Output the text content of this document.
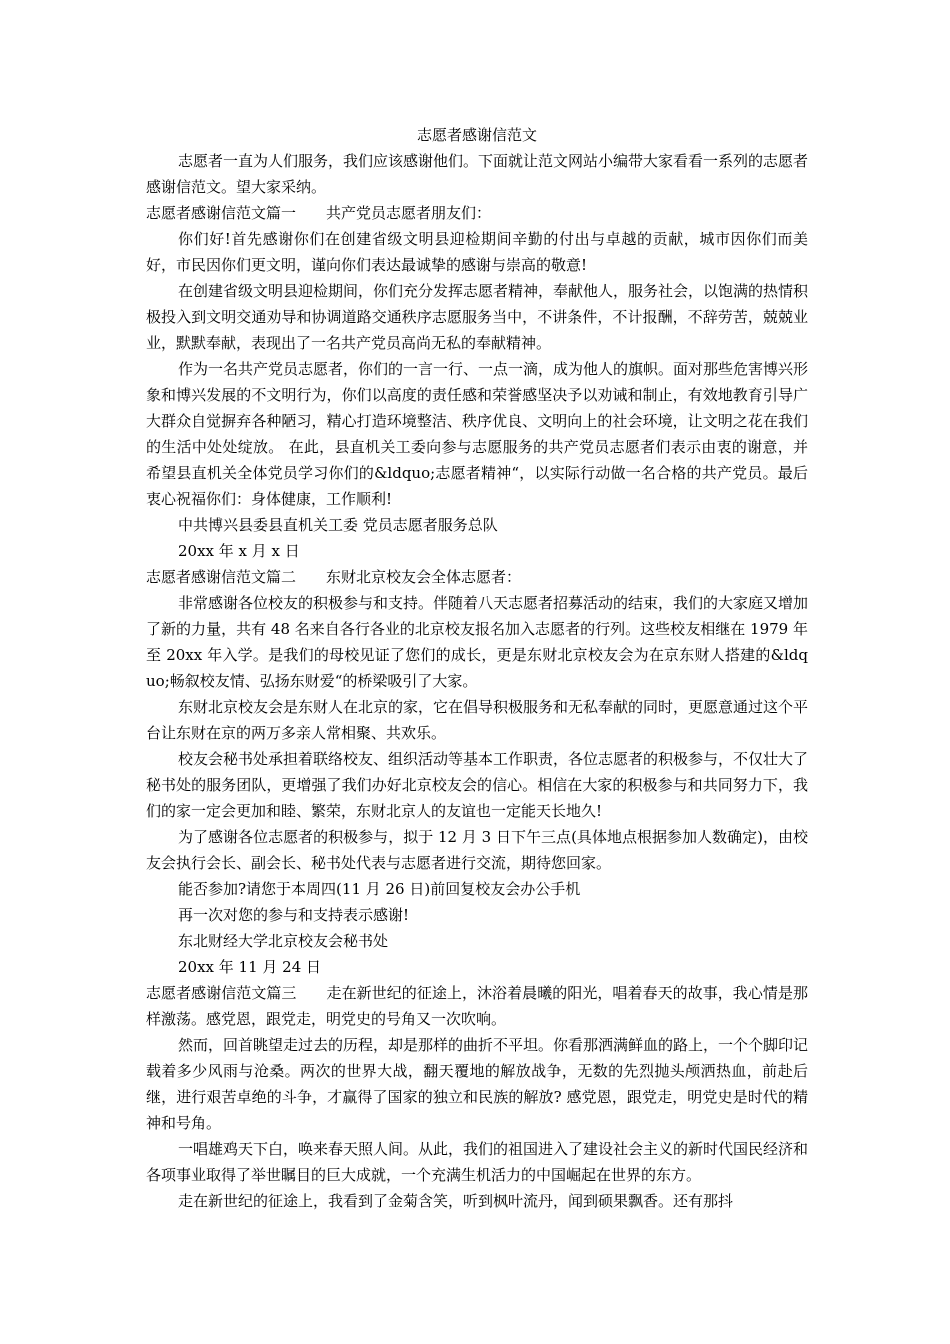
志愿者感谢信范文

志愿者一直为人们服务，我们应该感谢他们。下面就让范文网站小编带大家看看一系列的志愿者感谢信范文。望大家采纳。

志愿者感谢信范文篇一 共产党员志愿者朋友们：

你们好!首先感谢你们在创建省级文明县迎检期间辛勤的付出与卓越的贡献，城市因你们而美好，市民因你们更文明，谨向你们表达最诚挚的感谢与崇高的敬意!

在创建省级文明县迎检期间，你们充分发挥志愿者精神，奉献他人，服务社会，以饱满的热情积极投入到文明交通劝导和协调道路交通秩序志愿服务当中，不讲条件，不计报酬，不辞劳苦，兢兢业业，默默奉献，表现出了一名共产党员高尚无私的奉献精神。

作为一名共产党员志愿者，你们的一言一行、一点一滴，成为他人的旗帜。面对那些危害博兴形象和博兴发展的不文明行为，你们以高度的责任感和荣誉感坚决予以劝诫和制止，有效地教育引导广大群众自觉摒弃各种陋习，精心打造环境整洁、秩序优良、文明向上的社会环境，让文明之花在我们的生活中处处绽放。 在此，县直机关工委向参与志愿服务的共产党员志愿者们表示由衷的谢意，并希望县直机关全体党员学习你们的&ldquo;志愿者精神“，以实际行动做一名合格的共产党员。最后衷心祝福你们：身体健康，工作顺利!

中共博兴县委县直机关工委 党员志愿者服务总队

20xx 年 x 月 x 日

志愿者感谢信范文篇二 东财北京校友会全体志愿者：

非常感谢各位校友的积极参与和支持。伴随着八天志愿者招募活动的结束，我们的大家庭又增加了新的力量，共有 48 名来自各行各业的北京校友报名加入志愿者的行列。这些校友相继在 1979 年至 20xx 年入学。是我们的母校见证了您们的成长，更是东财北京校友会为在京东财人搭建的&ldquo;畅叙校友情、弘扬东财爱“的桥梁吸引了大家。

东财北京校友会是东财人在北京的家，它在倡导积极服务和无私奉献的同时，更愿意通过这个平台让东财在京的两万多亲人常相聚、共欢乐。

校友会秘书处承担着联络校友、组织活动等基本工作职责，各位志愿者的积极参与，不仅壮大了秘书处的服务团队，更增强了我们办好北京校友会的信心。相信在大家的积极参与和共同努力下，我们的家一定会更加和睦、繁荣，东财北京人的友谊也一定能天长地久!

为了感谢各位志愿者的积极参与，拟于 12 月 3 日下午三点(具体地点根据参加人数确定)，由校友会执行会长、副会长、秘书处代表与志愿者进行交流，期待您回家。

能否参加?请您于本周四(11 月 26 日)前回复校友会办公手机

再一次对您的参与和支持表示感谢!

东北财经大学北京校友会秘书处

20xx 年 11 月 24 日

志愿者感谢信范文篇三 走在新世纪的征途上，沐浴着晨曦的阳光，唱着春天的故事，我心情是那样激荡。感党恩，跟党走，明党史的号角又一次吹响。

然而，回首眺望走过去的历程，却是那样的曲折不平坦。你看那洒满鲜血的路上，一个个脚印记载着多少风雨与沧桑。两次的世界大战，翻天覆地的解放战争，无数的先烈抛头颅洒热血，前赴后继，进行艰苦卓绝的斗争，才赢得了国家的独立和民族的解放? 感党恩，跟党走，明党史是时代的精神和号角。

一唱雄鸡天下白，唤来春天照人间。从此，我们的祖国进入了建设社会主义的新时代国民经济和各项事业取得了举世瞩目的巨大成就，一个充满生机活力的中国崛起在世界的东方。

走在新世纪的征途上，我看到了金菊含笑，听到枫叶流丹，闻到硕果飘香。还有那抖
